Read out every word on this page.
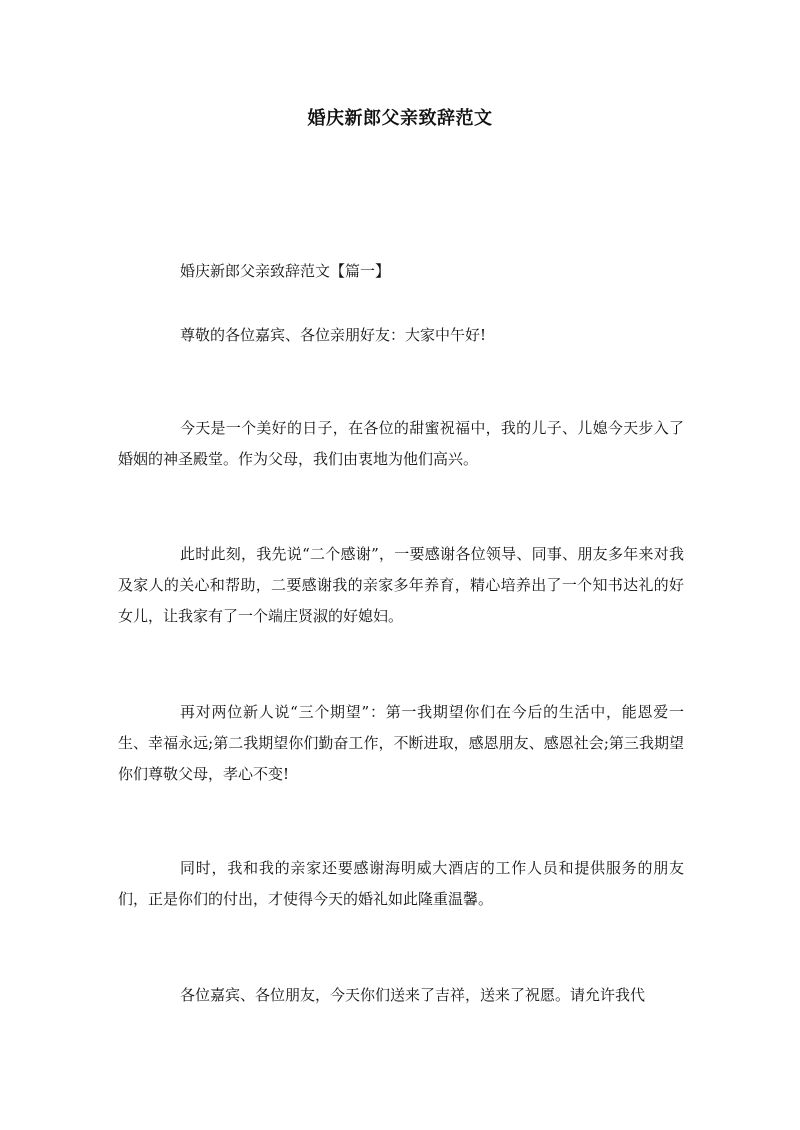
婚庆新郎父亲致辞范文

婚庆新郎父亲致辞范文【篇一】

尊敬的各位嘉宾、各位亲朋好友：大家中午好!

今天是一个美好的日子，在各位的甜蜜祝福中，我的儿子、儿媳今天步入了婚姻的神圣殿堂。作为父母，我们由衷地为他们高兴。

此时此刻，我先说“二个感谢”，一要感谢各位领导、同事、朋友多年来对我及家人的关心和帮助，二要感谢我的亲家多年养育，精心培养出了一个知书达礼的好女儿，让我家有了一个端庄贤淑的好媳妇。

再对两位新人说“三个期望”：第一我期望你们在今后的生活中，能恩爱一生、幸福永远;第二我期望你们勤奋工作，不断进取，感恩朋友、感恩社会;第三我期望你们尊敬父母，孝心不变!

同时，我和我的亲家还要感谢海明威大酒店的工作人员和提供服务的朋友们，正是你们的付出，才使得今天的婚礼如此隆重温馨。

各位嘉宾、各位朋友，今天你们送来了吉祥，送来了祝愿。请允许我代
